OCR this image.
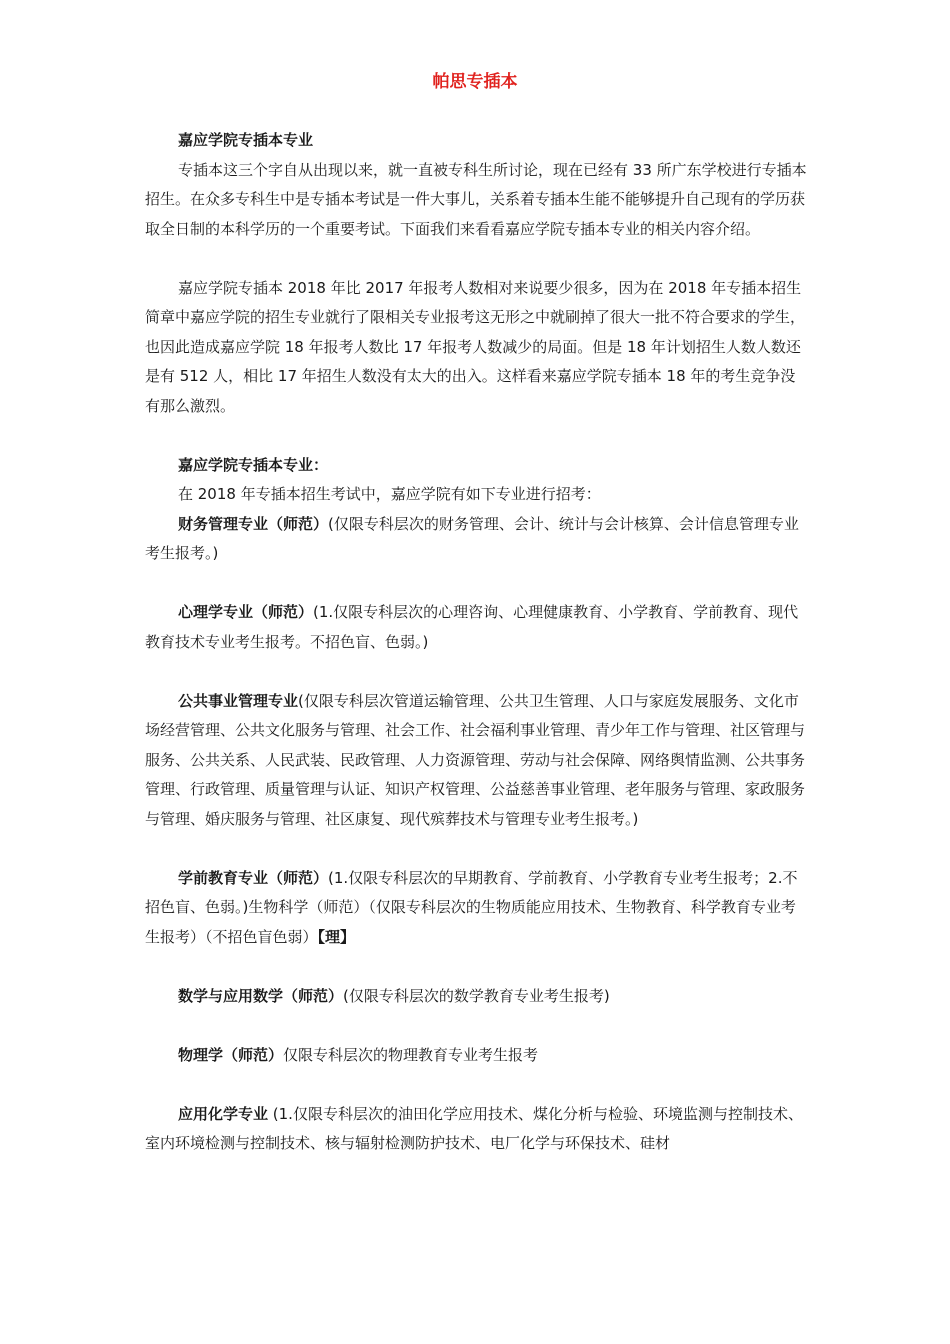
帕思专插本

嘉应学院专插本专业

专插本这三个字自从出现以来，就一直被专科生所讨论，现在已经有 33 所广东学校进行专插本招生。在众多专科生中是专插本考试是一件大事儿，关系着专插本生能不能够提升自己现有的学历获取全日制的本科学历的一个重要考试。下面我们来看看嘉应学院专插本专业的相关内容介绍。

嘉应学院专插本 2018 年比 2017 年报考人数相对来说要少很多，因为在 2018 年专插本招生简章中嘉应学院的招生专业就行了限相关专业报考这无形之中就刷掉了很大一批不符合要求的学生，也因此造成嘉应学院 18 年报考人数比 17 年报考人数减少的局面。但是 18 年计划招生人数人数还是有 512 人，相比 17 年招生人数没有太大的出入。这样看来嘉应学院专插本 18 年的考生竞争没有那么激烈。

嘉应学院专插本专业：

在 2018 年专插本招生考试中，嘉应学院有如下专业进行招考：

财务管理专业（师范）(仅限专科层次的财务管理、会计、统计与会计核算、会计信息管理专业考生报考。)

心理学专业（师范）(1.仅限专科层次的心理咨询、心理健康教育、小学教育、学前教育、现代教育技术专业考生报考。不招色盲、色弱。)

公共事业管理专业(仅限专科层次管道运输管理、公共卫生管理、人口与家庭发展服务、文化市场经营管理、公共文化服务与管理、社会工作、社会福利事业管理、青少年工作与管理、社区管理与服务、公共关系、人民武装、民政管理、人力资源管理、劳动与社会保障、网络舆情监测、公共事务管理、行政管理、质量管理与认证、知识产权管理、公益慈善事业管理、老年服务与管理、家政服务与管理、婚庆服务与管理、社区康复、现代殡葬技术与管理专业考生报考。)

学前教育专业（师范）(1.仅限专科层次的早期教育、学前教育、小学教育专业考生报考；2.不招色盲、色弱。)生物科学（师范）（仅限专科层次的生物质能应用技术、生物教育、科学教育专业考生报考）（不招色盲色弱）【理】

数学与应用数学（师范）(仅限专科层次的数学教育专业考生报考)

物理学（师范）仅限专科层次的物理教育专业考生报考

应用化学专业 (1.仅限专科层次的油田化学应用技术、煤化分析与检验、环境监测与控制技术、室内环境检测与控制技术、核与辐射检测防护技术、电厂化学与环保技术、硅材
